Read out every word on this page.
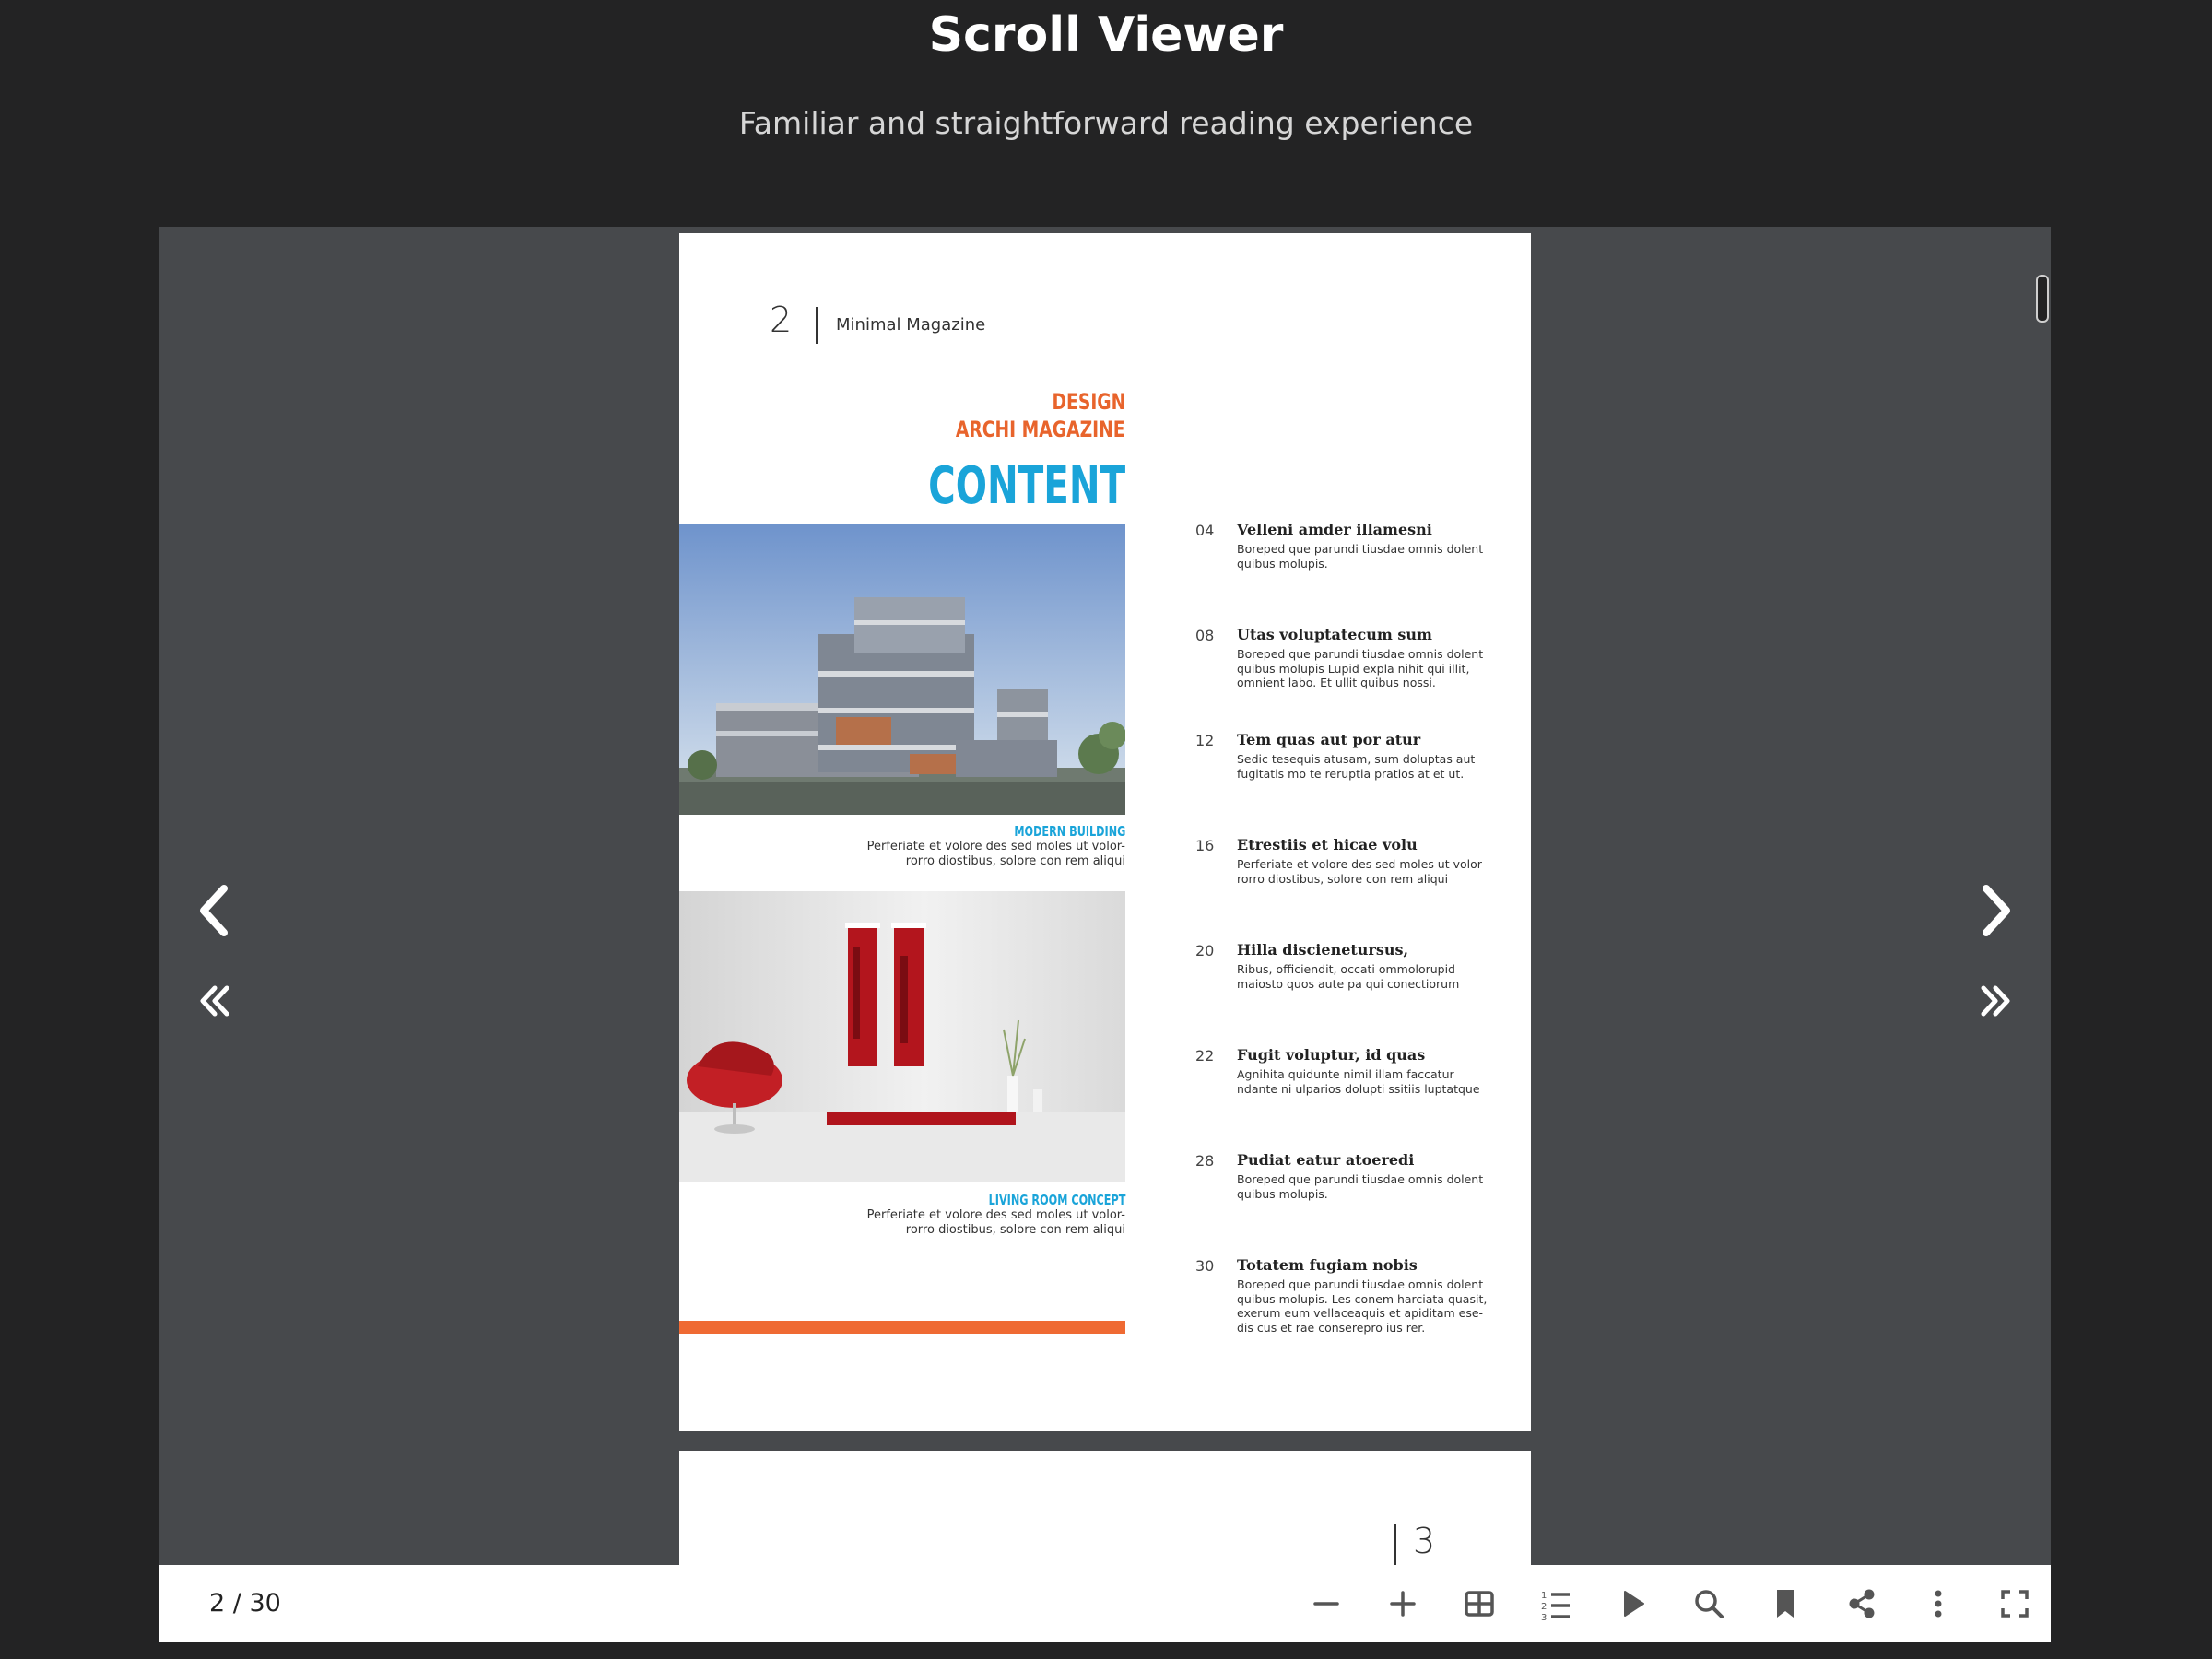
Scroll Viewer
Familiar and straightforward reading experience
2	Minimal Magazine
DESIGN
ARCHI MAGAZINE
CONTENT
MODERN BUILDING
Perferiate et volore des sed moles ut volor-rorro diostibus, solore con rem aliqui
LIVING ROOM CONCEPT
Perferiate et volore des sed moles ut volor-rorro diostibus, solore con rem aliqui
04 Velleni amder illamesni
Boreped que parundi tiusdae omnis dolent quibus molupis.
08 Utas voluptatecum sum
Boreped que parundi tiusdae omnis dolent quibus molupis Lupid expla nihit qui illit, omnient labo. Et ullit quibus nossi.
12 Tem quas aut por atur
Sedic tesequis atusam, sum doluptas aut fugitatis mo te reruptia pratios at et ut.
16 Etrestiis et hicae volu
Perferiate et volore des sed moles ut volor-rorro diostibus, solore con rem aliqui
20 Hilla discienetursus,
Ribus, officiendit, occati ommolorupid maiosto quos aute pa qui conectiorum
22 Fugit voluptur, id quas
Agnihita quidunte nimil illam faccatur ndante ni ulparios dolupti ssitiis luptatque
28 Pudiat eatur atoeredi
Boreped que parundi tiusdae omnis dolent quibus molupis.
30 Totatem fugiam nobis
Boreped que parundi tiusdae omnis dolent quibus molupis. Les conem harciata quasit, exerum eum vellaceaquis et apiditam ese-dis cus et rae conserepro ius rer.
3
2 / 30	1
2
3
